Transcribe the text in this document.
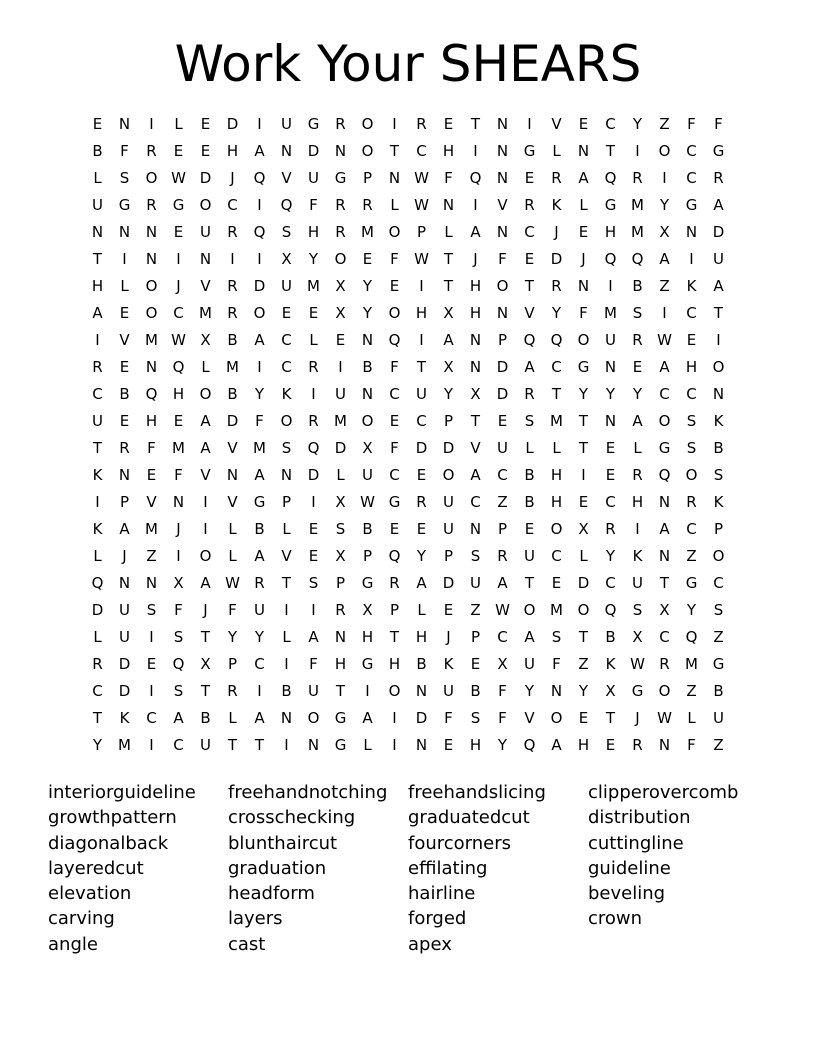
Work Your SHEARS
E	N	I	L	E	D	I	U	G	R	O	I	R	E	T	N	I	V	E	C	Y	Z	F	F
B	F	R	E	E	H	A	N	D	N	O	T	C	H	I	N	G	L	N	T	I	O	C	G
L	S	O W D	J	Q	V	U	G	P	N W	F	Q	N	E	R	A	Q	R	I	C	R
U	G	R	G	O	C	I	Q	F	R	R	L	W N	I	V	R	K	L	G M	Y	G	A
N	N	N	E	U	R	Q	S	H	R	M O	P	L	A	N	C	J	E	H M	X	N	D
T	I	N	I	N	I	I	X	Y	O	E	F	W T	J	F	E	D	J	Q	Q	A	I	U
H	L	O	J	V	R	D	U	M	X	Y	E	I	T	H	O	T	R	N	I	B	Z	K	A
A	E	O	C	M	R	O	E	E	X	Y	O	H	X	H	N	V	Y	F	M	S	I	C	T
I	V	M W X	B	A	C	L	E	N	Q	I	A	N	P	Q	Q	O	U	R W E	I
R	E	N	Q	L	M	I	C	R	I	B	F	T	X	N	D	A	C	G	N	E	A	H	O
C	B	Q	H	O	B	Y	K	I	U	N	C	U	Y	X	D	R	T	Y	Y	Y	C	C	N
U	E	H	E	A	D	F	O	R	M O	E	C	P	T	E	S	M	T	N	A	O	S	K
T	R	F	M	A	V	M	S	Q	D	X	F	D	D	V	U	L	L	T	E	L	G	S	B
K	N	E	F	V	N	A	N	D	L	U	C	E	O	A	C	B	H	I	E	R	Q	O	S
I	P	V	N	I	V	G	P	I	X W G	R	U	C	Z	B	H	E	C	H	N	R	K
K	A	M	J	I	L	B	L	E	S	B	E	E	U	N	P	E	O	X	R	I	A	C	P
L	J	Z	I	O	L	A	V	E	X	P	Q	Y	P	S	R	U	C	L	Y	K	N	Z	O
Q	N	N	X	A W R	T	S	P	G	R	A	D	U	A	T	E	D	C	U	T	G	C
D	U	S	F	J	F	U	I	I	R	X	P	L	E	Z W O M O	Q	S	X	Y	S
L	U	I	S	T	Y	Y	L	A	N	H	T	H	J	P	C	A	S	T	B	X	C	Q	Z
R	D	E	Q	X	P	C	I	F	H	G	H	B	K	E	X	U	F	Z	K W R	M G
C	D	I	S	T	R	I	B	U	T	I	O	N	U	B	F	Y	N	Y	X	G	O	Z	B
T	K	C	A	B	L	A	N	O	G	A	I	D	F	S	F	V	O	E	T	J	W	L	U
Y	M	I	C	U	T	T	I	N	G	L	I	N	E	H	Y	Q	A	H	E	R	N	F	Z
interiorguideline
growthpattern
diagonalback
layeredcut
elevation
carving
angle
freehandnotching
crosschecking
blunthaircut
graduation
headform
layers
cast
freehandslicing
graduatedcut
fourcorners
effilating
hairline
forged
apex
clipperovercomb
distribution
cuttingline
guideline
beveling
crown
